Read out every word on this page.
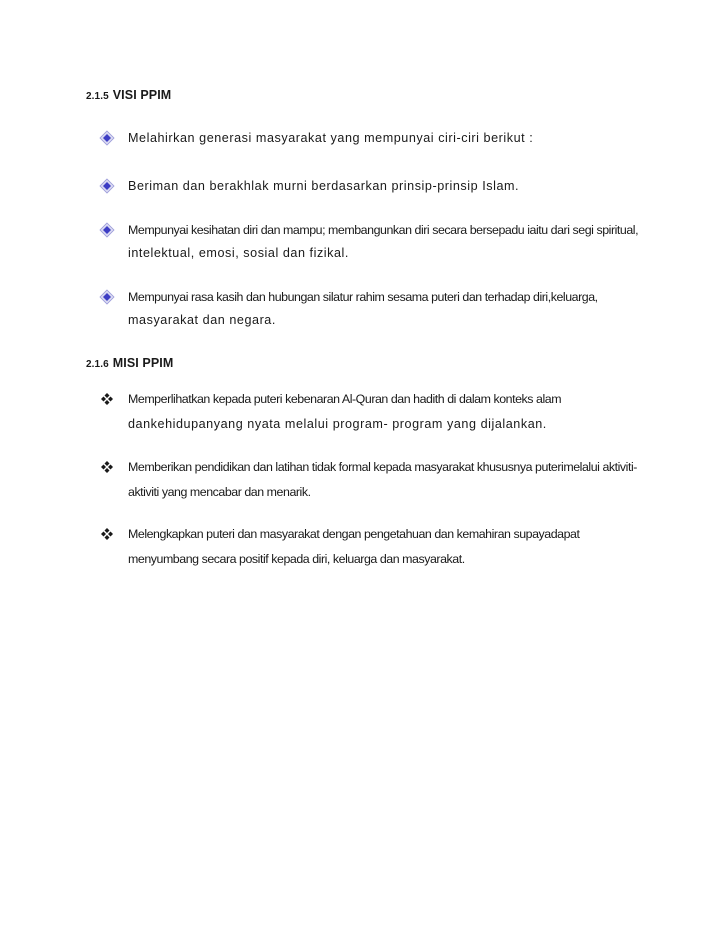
2.1.5 VISI PPIM
Melahirkan generasi masyarakat yang mempunyai ciri-ciri berikut :
Beriman dan berakhlak murni berdasarkan prinsip-prinsip Islam.
Mempunyai kesihatan diri dan mampu; membangunkan diri secara bersepadu iaitu dari segi spiritual,
intelektual, emosi, sosial dan fizikal.
Mempunyai rasa kasih dan hubungan silatur rahim sesama puteri dan terhadap diri,keluarga,
masyarakat dan negara.
2.1.6 MISI PPIM
Memperlihatkan kepada puteri kebenaran Al-Quran dan hadith di dalam konteks alam
dankehidupanyang nyata melalui program- program yang dijalankan.
Memberikan pendidikan dan latihan tidak formal kepada masyarakat khususnya puterimelalui aktiviti-
aktiviti yang mencabar dan menarik.
Melengkapkan puteri dan masyarakat dengan pengetahuan dan kemahiran supayadapat
menyumbang secara positif kepada diri, keluarga dan masyarakat.
